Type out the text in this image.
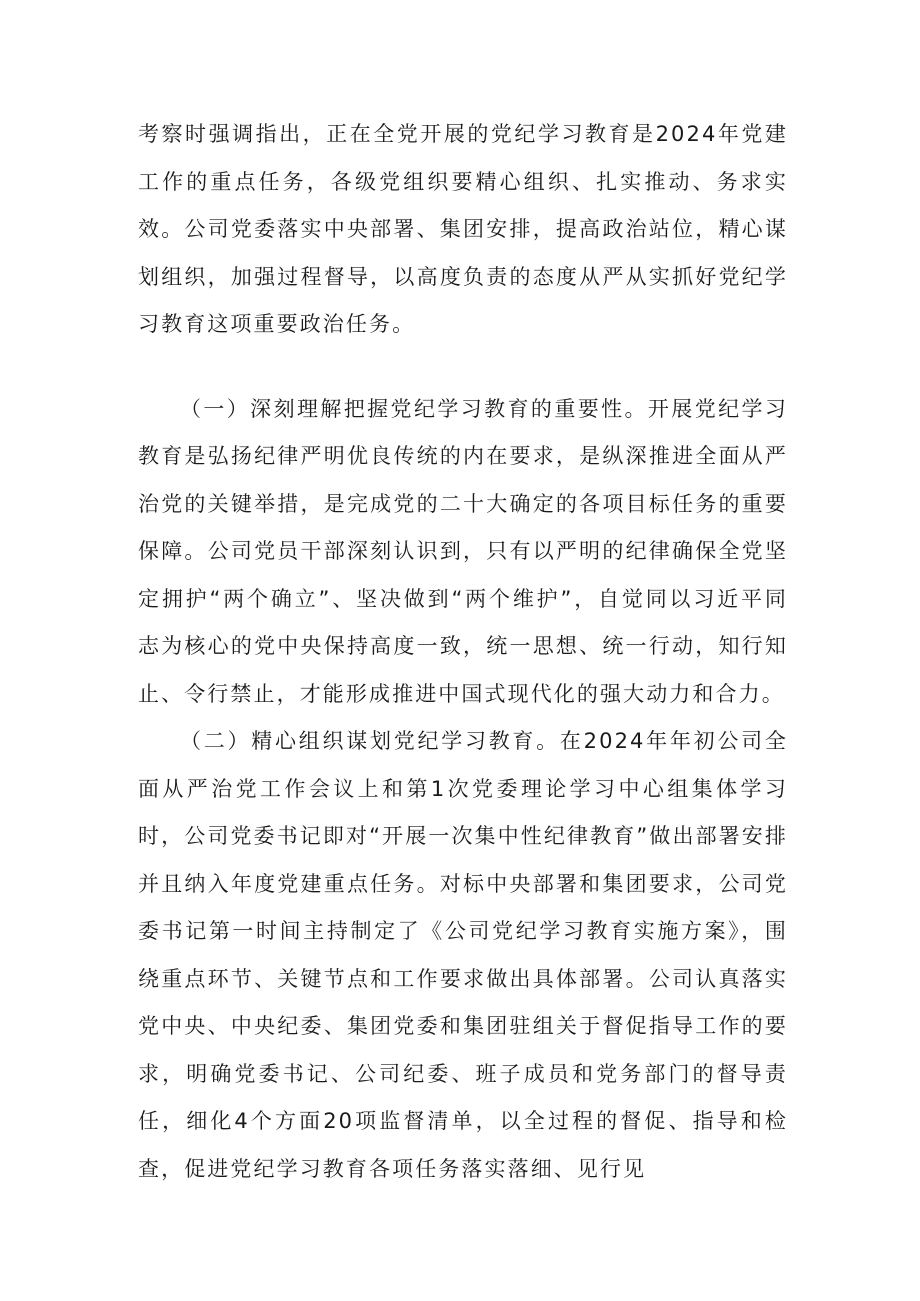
考察时强调指出，正在全党开展的党纪学习教育是2024年党建工作的重点任务，各级党组织要精心组织、扎实推动、务求实效。公司党委落实中央部署、集团安排，提高政治站位，精心谋划组织，加强过程督导，以高度负责的态度从严从实抓好党纪学习教育这项重要政治任务。

（一）深刻理解把握党纪学习教育的重要性。开展党纪学习教育是弘扬纪律严明优良传统的内在要求，是纵深推进全面从严治党的关键举措，是完成党的二十大确定的各项目标任务的重要保障。公司党员干部深刻认识到，只有以严明的纪律确保全党坚定拥护“两个确立”、坚决做到“两个维护”，自觉同以习近平同志为核心的党中央保持高度一致，统一思想、统一行动，知行知止、令行禁止，才能形成推进中国式现代化的强大动力和合力。

（二）精心组织谋划党纪学习教育。在2024年年初公司全面从严治党工作会议上和第1次党委理论学习中心组集体学习时，公司党委书记即对“开展一次集中性纪律教育”做出部署安排并且纳入年度党建重点任务。对标中央部署和集团要求，公司党委书记第一时间主持制定了《公司党纪学习教育实施方案》，围绕重点环节、关键节点和工作要求做出具体部署。公司认真落实党中央、中央纪委、集团党委和集团驻组关于督促指导工作的要求，明确党委书记、公司纪委、班子成员和党务部门的督导责任，细化4个方面20项监督清单，以全过程的督促、指导和检查，促进党纪学习教育各项任务落实落细、见行见
